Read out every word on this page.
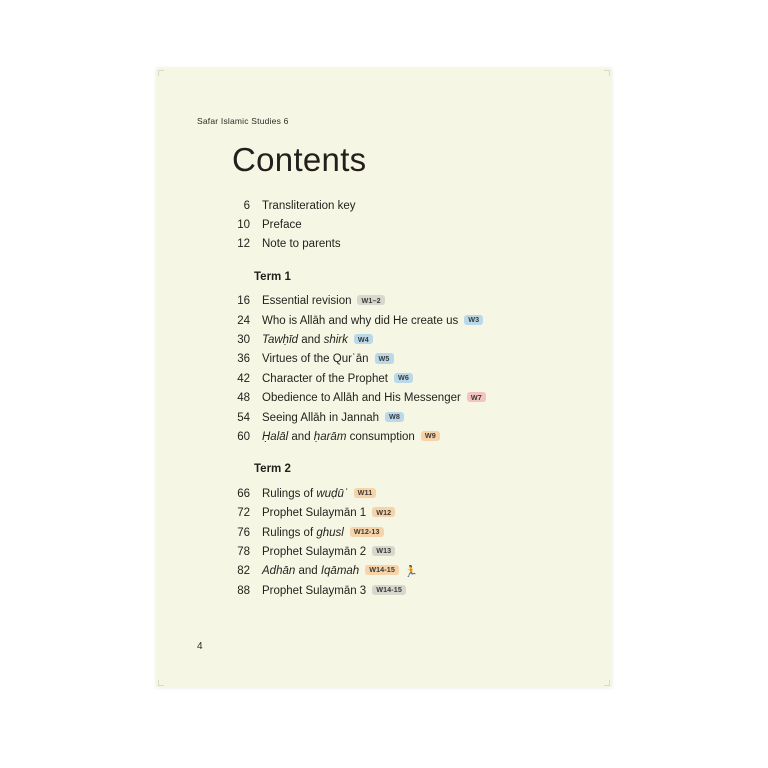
Safar Islamic Studies 6
Contents
6	Transliteration key
10	Preface
12	Note to parents
Term 1
16	Essential revision W1–2
24	Who is Allāh and why did He create us W3
30	Tawḥīd and shirk W4
36	Virtues of the Qurʾān W5
42	Character of the Prophet W6
48	Obedience to Allāh and His Messenger W7
54	Seeing Allāh in Jannah W8
60	Ḥalāl and ḥarām consumption W9
Term 2
66	Rulings of wuḍūʾ W11
72	Prophet Sulaymān 1 W12
76	Rulings of ghusl W12-13
78	Prophet Sulaymān 2 W13
82	Adhān and Iqāmah W14-15 🏃
88	Prophet Sulaymān 3 W14-15
4
